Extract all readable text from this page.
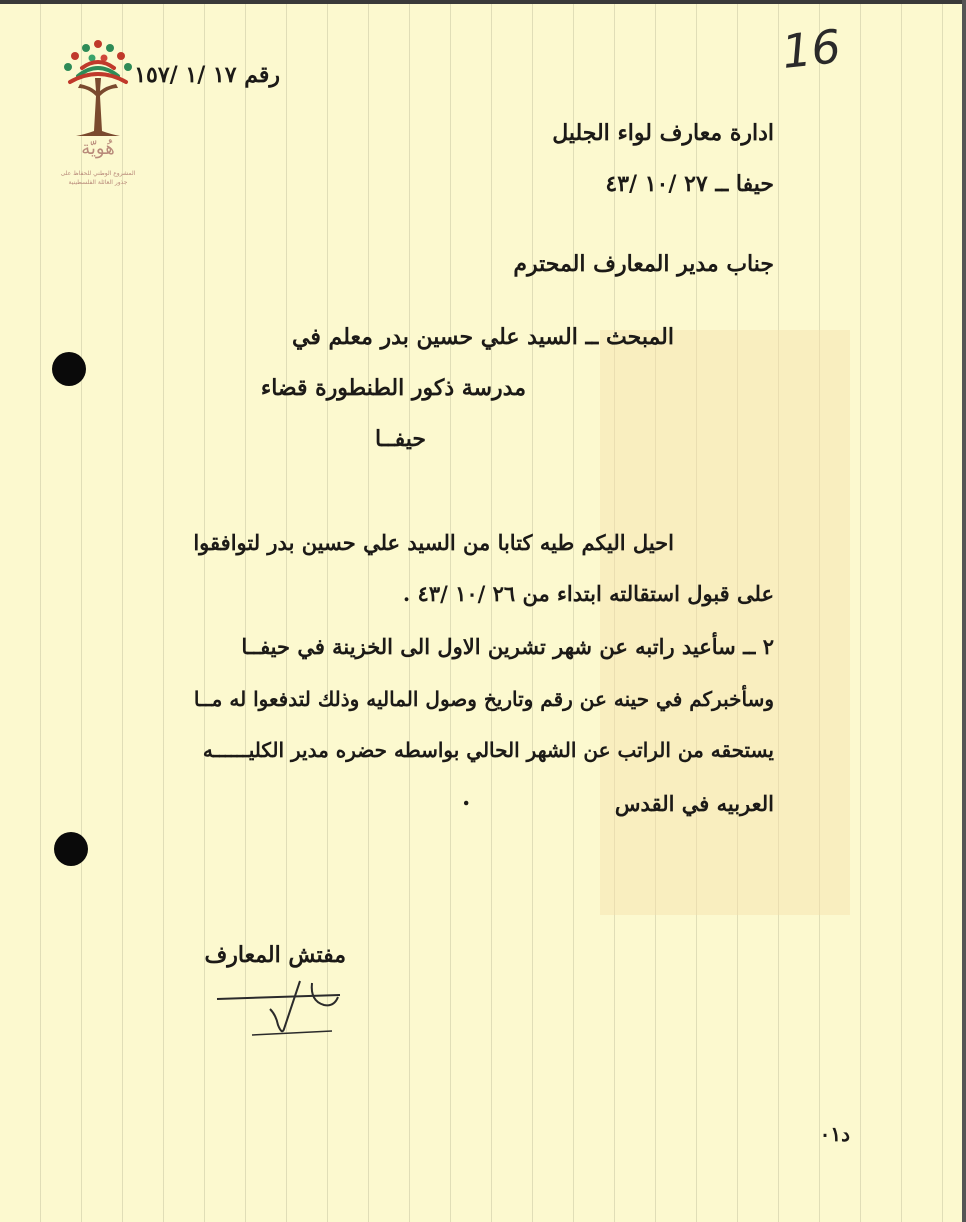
هُويّة
المشروع الوطني للحفاظ على
جذور العائلة الفلسطينية
16
رقم ١٧ /١ /١٥٧
ادارة معارف لواء الجليل
حيفا ــ ٢٧ /١٠ /٤٣
جناب مدير المعارف المحترم
المبحث ــ السيد علي حسين بدر معلم في
مدرسة ذكور الطنطورة قضاء
حيفــا
احيل اليكم طيه كتابا من السيد علي حسين بدر لتوافقوا
على قبول استقالته ابتداء من ٢٦ /١٠ /٤٣ .
٢ ــ سأعيد راتبه عن شهر تشرين الاول الى الخزينة في حيفــا
وسأخبركم في حينه عن رقم وتاريخ وصول الماليه وذلك لتدفعوا له مــا
يستحقه من الراتب عن الشهر الحالي بواسطه حضره مدير الكليــــــه
العربيه في القدس
.
مفتش المعارف
د٠١
